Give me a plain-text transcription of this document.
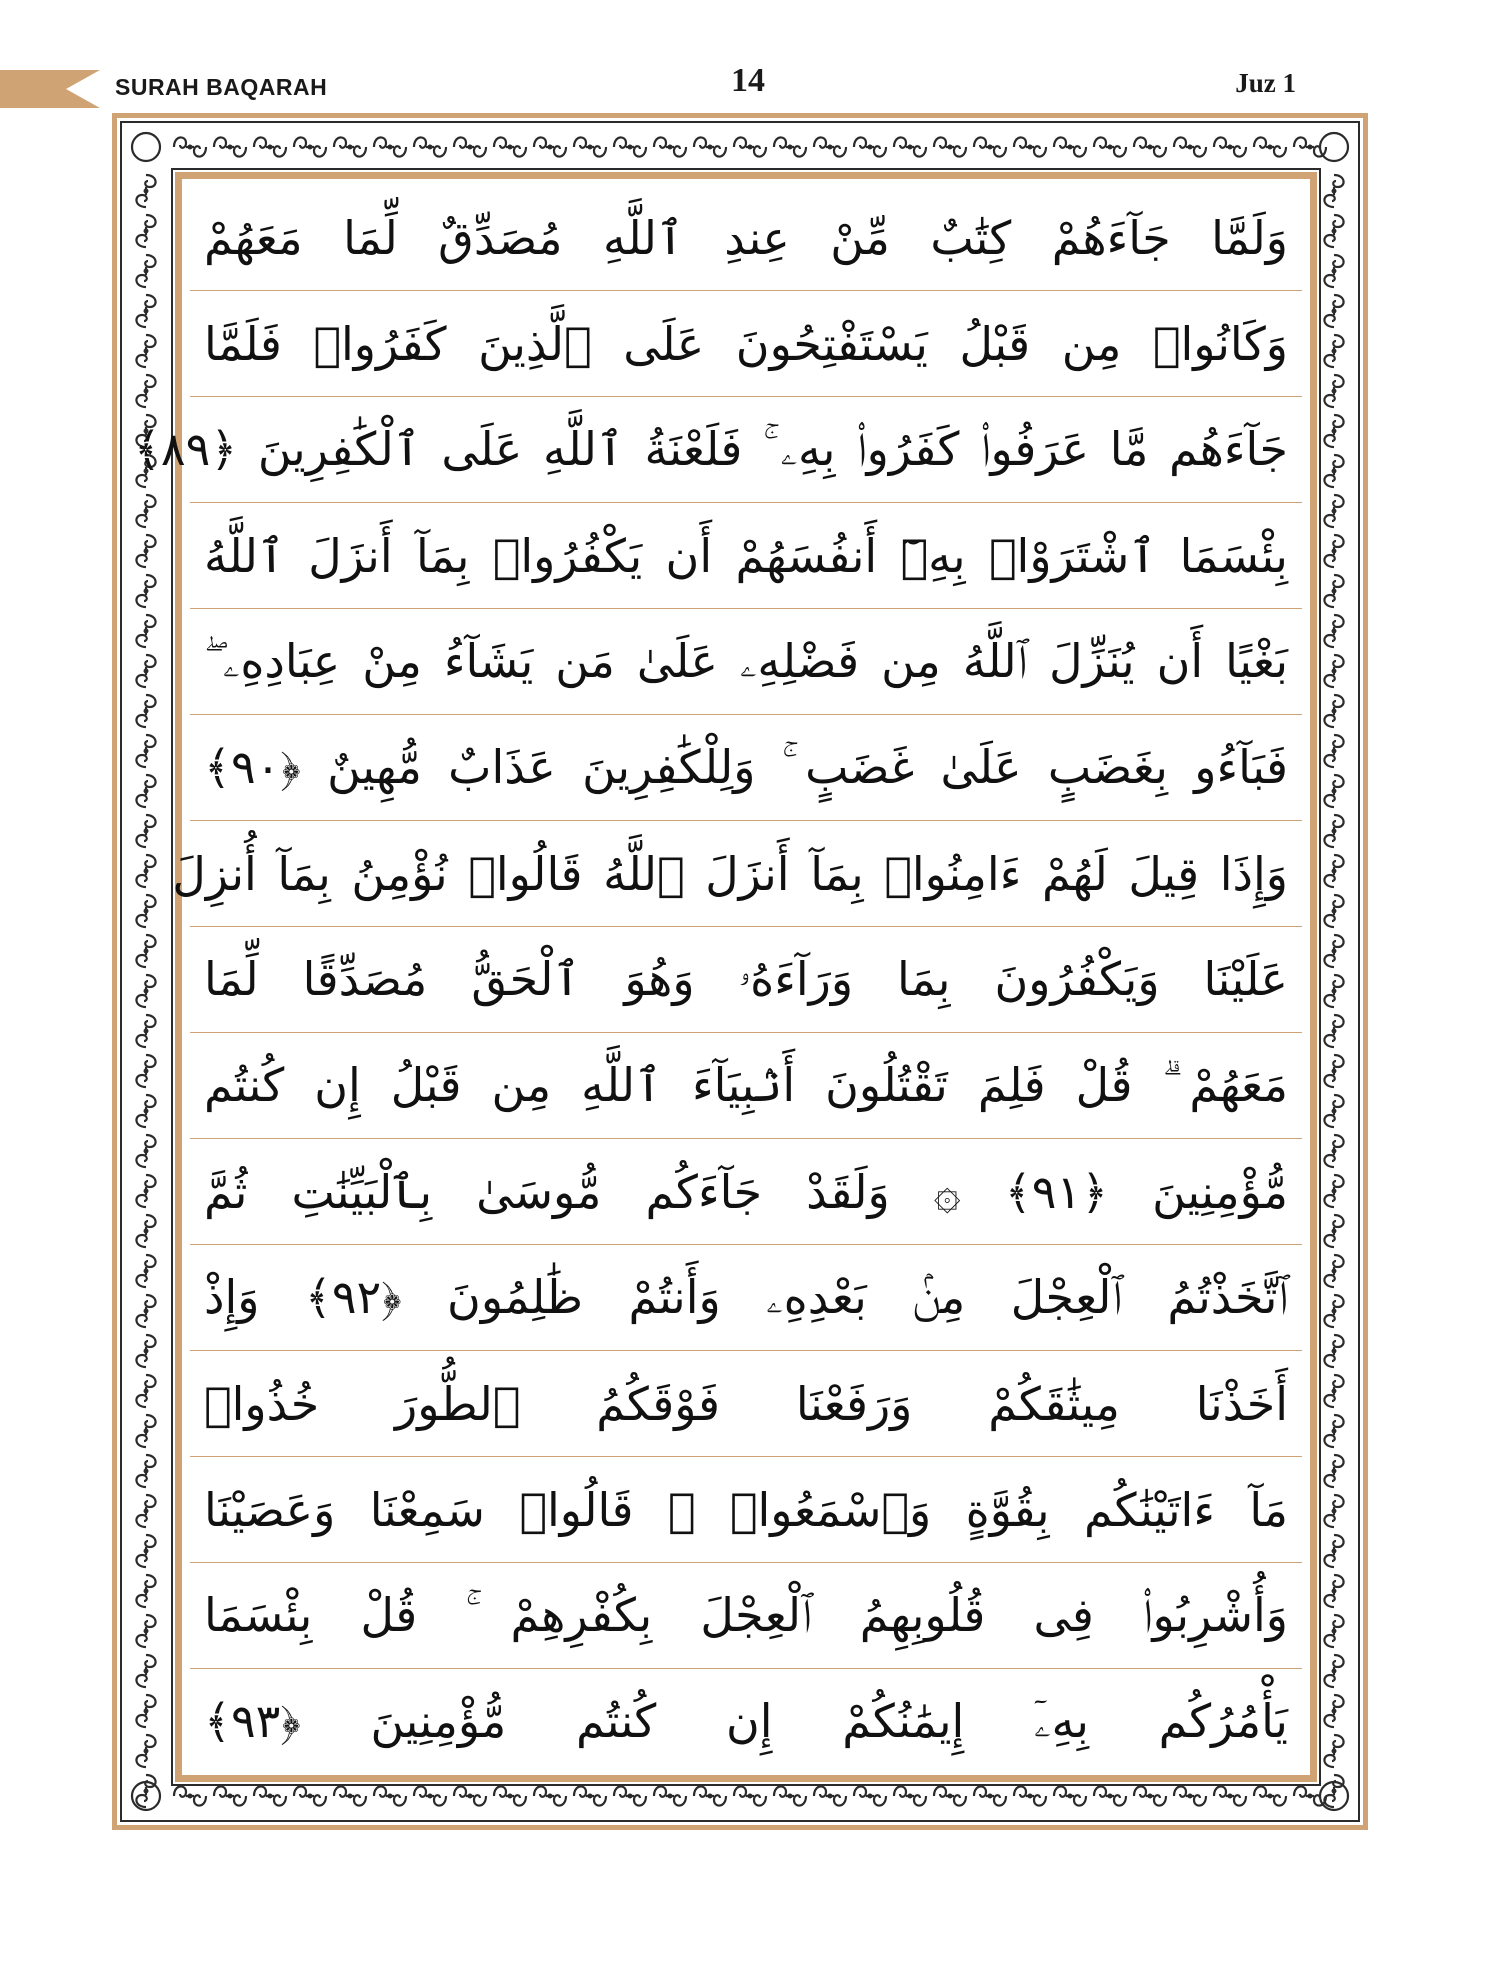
SURAH BAQARAH	14	Juz 1
وَلَمَّا جَآءَهُمْ كِتَٰبٌ مِّنْ عِندِ ٱللَّهِ مُصَدِّقٌ لِّمَا مَعَهُمْ
وَكَانُوا۟ مِن قَبْلُ يَسْتَفْتِحُونَ عَلَى ٱلَّذِينَ كَفَرُوا۟ فَلَمَّا
جَآءَهُم مَّا عَرَفُوا۟ كَفَرُوا۟ بِهِۦ ۚ فَلَعْنَةُ ٱللَّهِ عَلَى ٱلْكَٰفِرِينَ ﴿٨٩﴾
بِئْسَمَا ٱشْتَرَوْا۟ بِهِۦٓ أَنفُسَهُمْ أَن يَكْفُرُوا۟ بِمَآ أَنزَلَ ٱللَّهُ
بَغْيًا أَن يُنَزِّلَ ٱللَّهُ مِن فَضْلِهِۦ عَلَىٰ مَن يَشَآءُ مِنْ عِبَادِهِۦ ۖ
فَبَآءُو بِغَضَبٍ عَلَىٰ غَضَبٍ ۚ وَلِلْكَٰفِرِينَ عَذَابٌ مُّهِينٌ ﴿٩٠﴾
وَإِذَا قِيلَ لَهُمْ ءَامِنُوا۟ بِمَآ أَنزَلَ ٱللَّهُ قَالُوا۟ نُؤْمِنُ بِمَآ أُنزِلَ
عَلَيْنَا وَيَكْفُرُونَ بِمَا وَرَآءَهُۥ وَهُوَ ٱلْحَقُّ مُصَدِّقًا لِّمَا
مَعَهُمْ ۗ قُلْ فَلِمَ تَقْتُلُونَ أَنۢبِيَآءَ ٱللَّهِ مِن قَبْلُ إِن كُنتُم
مُّؤْمِنِينَ ﴿٩١﴾ ۞ وَلَقَدْ جَآءَكُم مُّوسَىٰ بِٱلْبَيِّنَٰتِ ثُمَّ
ٱتَّخَذْتُمُ ٱلْعِجْلَ مِنۢ بَعْدِهِۦ وَأَنتُمْ ظَٰلِمُونَ ﴿٩٢﴾ وَإِذْ
أَخَذْنَا مِيثَٰقَكُمْ وَرَفَعْنَا فَوْقَكُمُ ٱلطُّورَ خُذُوا۟
مَآ ءَاتَيْنَٰكُم بِقُوَّةٍ وَٱسْمَعُوا۟ ۖ قَالُوا۟ سَمِعْنَا وَعَصَيْنَا
وَأُشْرِبُوا۟ فِى قُلُوبِهِمُ ٱلْعِجْلَ بِكُفْرِهِمْ ۚ قُلْ بِئْسَمَا
يَأْمُرُكُم بِهِۦٓ إِيمَٰنُكُمْ إِن كُنتُم مُّؤْمِنِينَ ﴿٩٣﴾
